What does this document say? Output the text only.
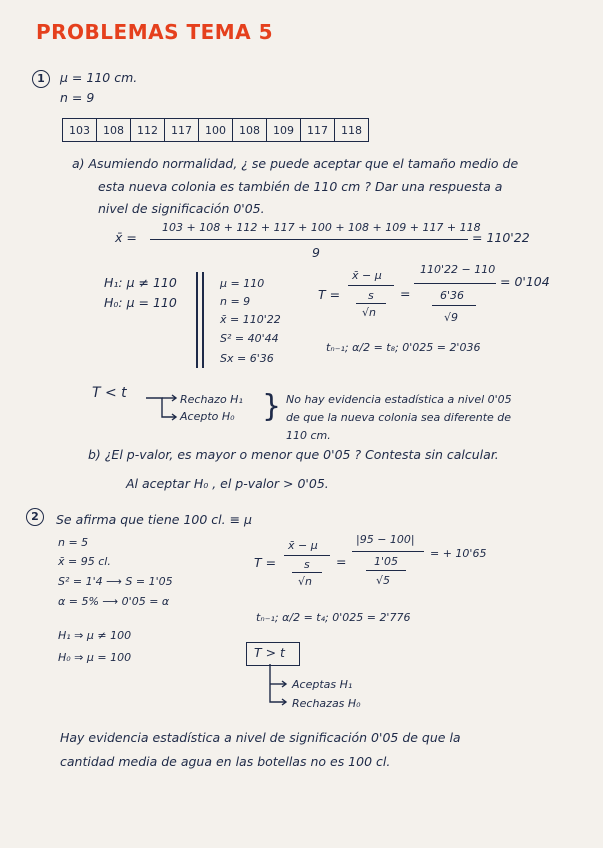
PROBLEMAS TEMA 5
1	μ = 110 cm.
n = 9
103	108	112	117	100	108	109	117	118
a) Asumiendo normalidad, ¿ se puede aceptar que el tamaño medio de
esta nueva colonia es también de 110 cm ? Dar una respuesta a
nivel de significación 0'05.
x̄ =
103 + 108 + 112 + 117 + 100 + 108 + 109 + 117 + 118
9
= 110'22
H₁: μ ≠ 110
H₀: μ = 110
μ = 110
n = 9
x̄ = 110'22
S² = 40'44
Sx = 6'36
T =
x̄ − μ
s
√n
=
110'22 − 110
6'36
√9
= 0'104
tₙ₋₁; α/2 = t₈; 0'025 = 2'036
T < t	Rechazo H₁
Acepto H₀ } No hay evidencia estadística a nivel 0'05
de que la nueva colonia sea diferente de
110 cm.
b) ¿El p-valor, es mayor o menor que 0'05 ? Contesta sin calcular.
Al aceptar H₀ , el p-valor > 0'05.
2	Se afirma que tiene 100 cl. ≡ μ
n = 5
x̄ = 95 cl.
S² = 1'4 ⟶ S = 1'05
α = 5% ⟶ 0'05 = α
T =
x̄ − μ
s
√n
=
|95 − 100|
1'05
√5
= + 10'65
tₙ₋₁; α/2 = t₄; 0'025 = 2'776
H₁ ⇒ μ ≠ 100
H₀ ⇒ μ = 100	T > t
Aceptas H₁
Rechazas H₀
Hay evidencia estadística a nivel de significación 0'05 de que la
cantidad media de agua en las botellas no es 100 cl.
